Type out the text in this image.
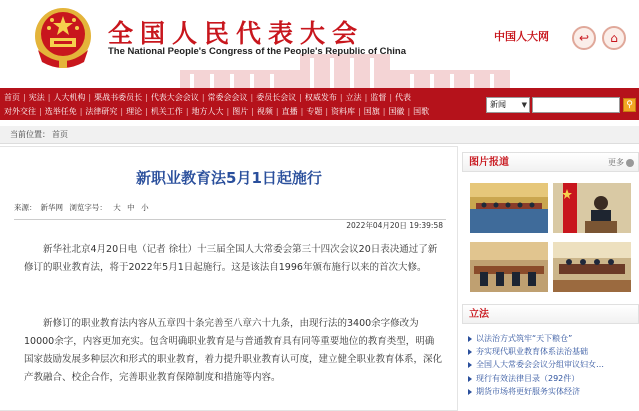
全国人民代表大会
The National People's Congress of the People's Republic of China
中国人大网	↩	⌂
首页 | 宪法 | 人大机构 | 栗战书委员长 | 代表大会会议 | 常委会会议 | 委员长会议 | 权威发布 | 立法 | 监督 | 代表
对外交往 | 选举任免 | 法律研究 | 理论 | 机关工作 | 地方人大 | 图片 | 视频 | 直播 | 专题 | 资料库 | 国旗 | 国徽 | 国歌
新闻 ▼	⚲
当前位置： 首页
新职业教育法5月1日起施行
来源： 新华网 浏览字号： 大 中 小
2022年04月20日 19:39:58

新华社北京4月20日电（记者 徐壮）十三届全国人大常委会第三十四次会议20日表决通过了新修订的职业教育法，将于2022年5月1日起施行。这是该法自1996年颁布施行以来的首次大修。

新修订的职业教育法内容从五章四十条完善至八章六十九条，由现行法的3400余字修改为10000余字，内容更加充实。包含明确职业教育是与普通教育具有同等重要地位的教育类型，明确国家鼓励发展多种层次和形式的职业教育，着力提升职业教育认可度，建立健全职业教育体系，深化产教融合、校企合作，完善职业教育保障制度和措施等内容。

图片报道	更多
立法
以法治方式筑牢“天下粮仓”
夯实现代职业教育体系法治基础
全国人大常委会会议分组审议妇女…
现行有效法律目录（292件）
期货市场将更好服务实体经济
